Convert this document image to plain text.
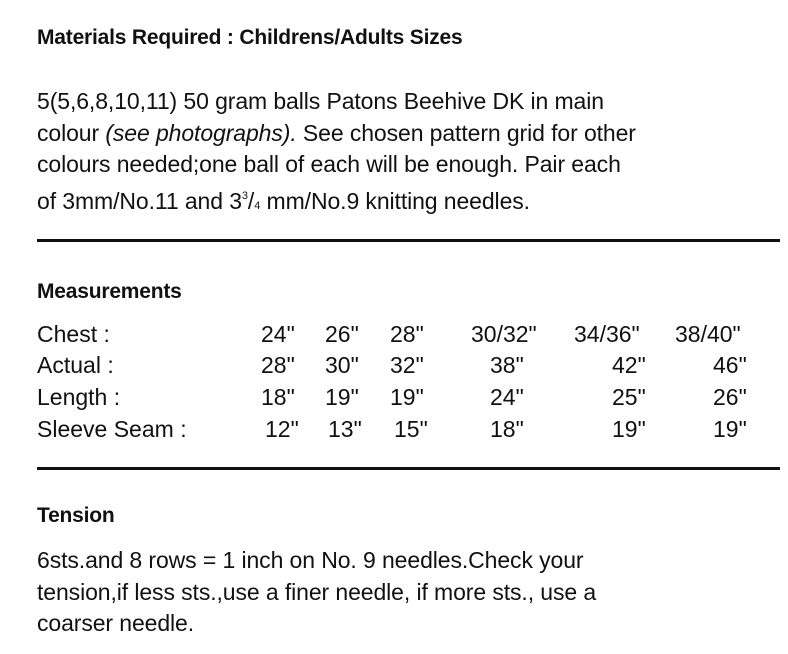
Materials Required : Childrens/Adults Sizes
5(5,6,8,10,11) 50 gram balls Patons Beehive DK in main
colour (see photographs). See chosen pattern grid for other
colours needed;one ball of each will be enough. Pair each
of 3mm/No.11 and $3^3/4$ mm/No.9 knitting needles.
Measurements
Chest :	24" 26" 28" 30/32" 34/36" 38/40"
Actual :	28" 30" 32"	38"	42"	46"
Length :	18" 19" 19"	24"	25"	26"
Sleeve Seam :	12" 13" 15"	18"	19"	19"
Tension
6sts.and 8 rows = 1 inch on No. 9 needles.Check your
tension,if less sts.,use a finer needle, if more sts., use a
coarser needle.
